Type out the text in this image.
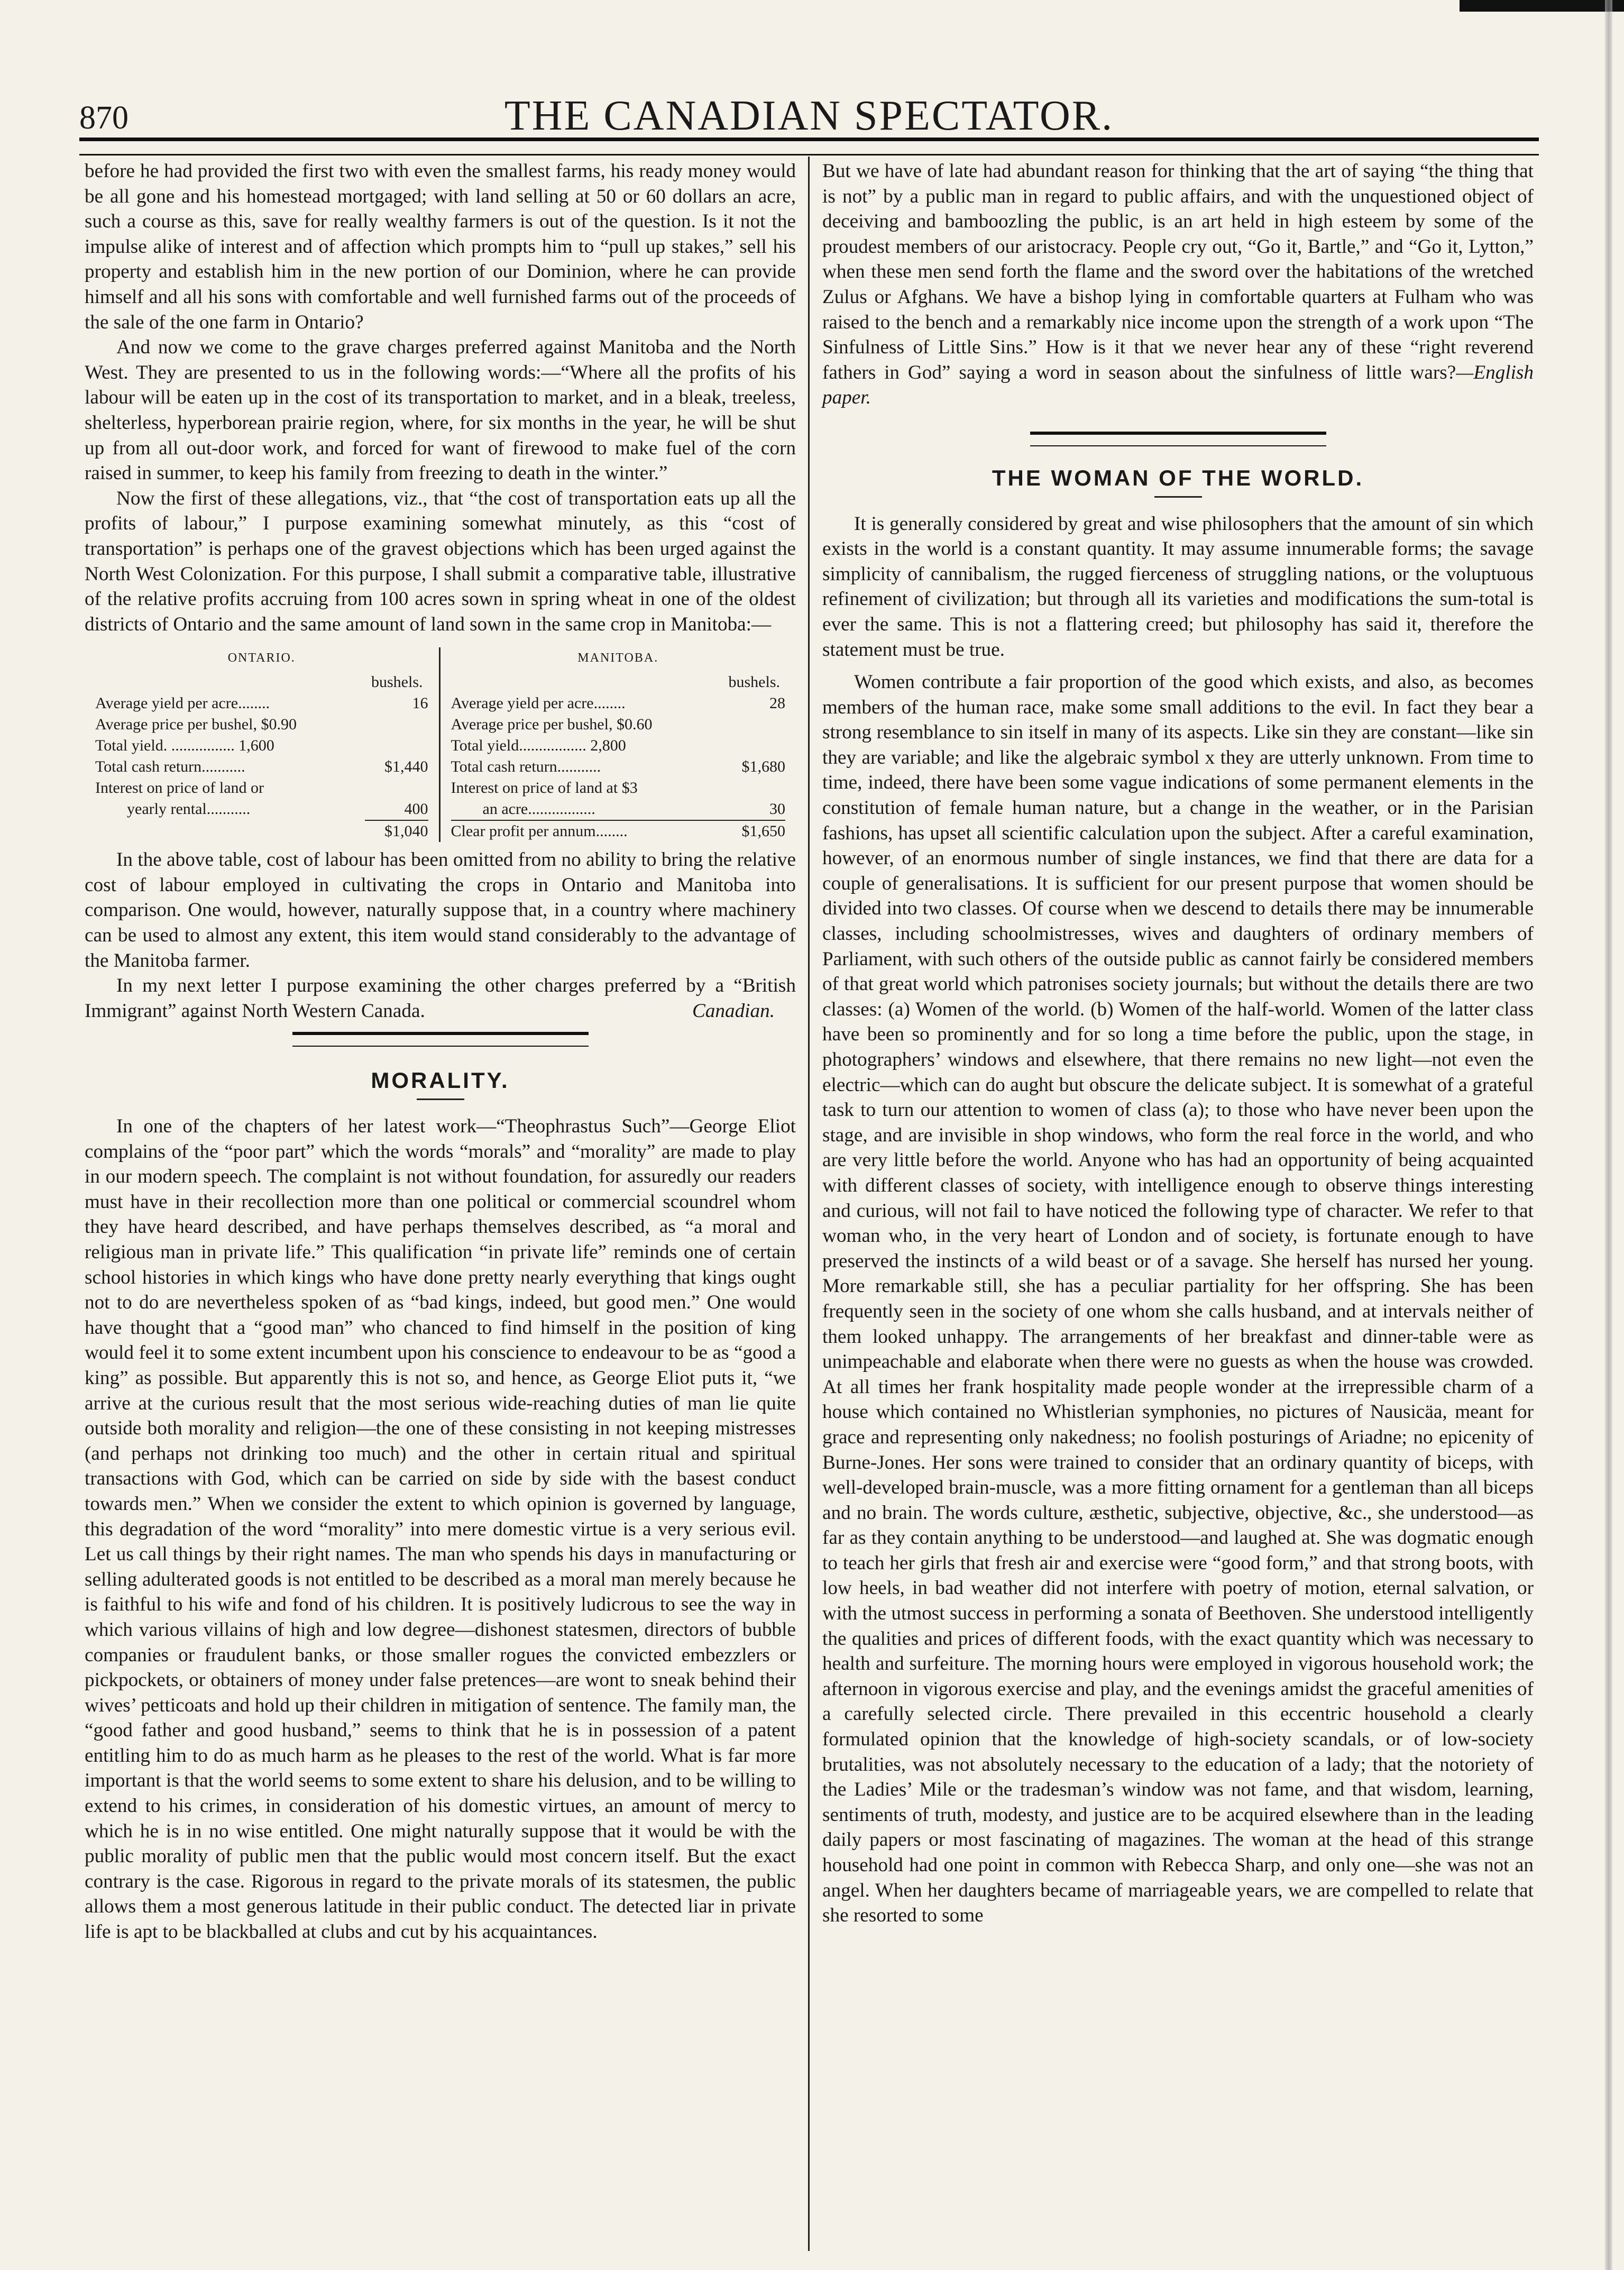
870	THE CANADIAN SPECTATOR.

before he had provided the first two with even the smallest farms, his ready money would be all gone and his homestead mortgaged; with land selling at 50 or 60 dollars an acre, such a course as this, save for really wealthy farmers is out of the question. Is it not the impulse alike of interest and of affection which prompts him to “pull up stakes,” sell his property and establish him in the new portion of our Dominion, where he can provide himself and all his sons with comfortable and well furnished farms out of the proceeds of the sale of the one farm in Ontario?

And now we come to the grave charges preferred against Manitoba and the North West. They are presented to us in the following words:—“Where all the profits of his labour will be eaten up in the cost of its transportation to market, and in a bleak, treeless, shelterless, hyperborean prairie region, where, for six months in the year, he will be shut up from all out-door work, and forced for want of firewood to make fuel of the corn raised in summer, to keep his family from freezing to death in the winter.”

Now the first of these allegations, viz., that “the cost of transportation eats up all the profits of labour,” I purpose examining somewhat minutely, as this “cost of transportation” is perhaps one of the gravest objections which has been urged against the North West Colonization. For this purpose, I shall submit a comparative table, illustrative of the relative profits accruing from 100 acres sown in spring wheat in one of the oldest districts of Ontario and the same amount of land sown in the same crop in Manitoba:—

ONTARIO.
bushels.
Average yield per acre........	16
Average price per bushel, $0.90
Total yield. ................ 1,600
Total cash return...........	$1,440
Interest on price of land or
yearly rental...........	400
$1,040
MANITOBA.
bushels.
Average yield per acre........	28
Average price per bushel, $0.60
Total yield................. 2,800
Total cash return...........	$1,680
Interest on price of land at $3
an acre.................	30
Clear profit per annum........	$1,650

In the above table, cost of labour has been omitted from no ability to bring the relative cost of labour employed in cultivating the crops in Ontario and Manitoba into comparison. One would, however, naturally suppose that, in a country where machinery can be used to almost any extent, this item would stand considerably to the advantage of the Manitoba farmer.

In my next letter I purpose examining the other charges preferred by a “British Immigrant” against North Western Canada.	Canadian.

MORALITY.

In one of the chapters of her latest work—“Theophrastus Such”—George Eliot complains of the “poor part” which the words “morals” and “morality” are made to play in our modern speech. The complaint is not without foundation, for assuredly our readers must have in their recollection more than one political or commercial scoundrel whom they have heard described, and have perhaps themselves described, as “a moral and religious man in private life.” This qualification “in private life” reminds one of certain school histories in which kings who have done pretty nearly everything that kings ought not to do are nevertheless spoken of as “bad kings, indeed, but good men.” One would have thought that a “good man” who chanced to find himself in the position of king would feel it to some extent incumbent upon his conscience to endeavour to be as “good a king” as possible. But apparently this is not so, and hence, as George Eliot puts it, “we arrive at the curious result that the most serious wide-reaching duties of man lie quite outside both morality and religion—the one of these consisting in not keeping mistresses (and perhaps not drinking too much) and the other in certain ritual and spiritual transactions with God, which can be carried on side by side with the basest conduct towards men.” When we consider the extent to which opinion is governed by language, this degradation of the word “morality” into mere domestic virtue is a very serious evil. Let us call things by their right names. The man who spends his days in manufacturing or selling adulterated goods is not entitled to be described as a moral man merely because he is faithful to his wife and fond of his children. It is positively ludicrous to see the way in which various villains of high and low degree—dishonest statesmen, directors of bubble companies or fraudulent banks, or those smaller rogues the convicted embezzlers or pickpockets, or obtainers of money under false pretences—are wont to sneak behind their wives’ petticoats and hold up their children in mitigation of sentence. The family man, the “good father and good husband,” seems to think that he is in possession of a patent entitling him to do as much harm as he pleases to the rest of the world. What is far more important is that the world seems to some extent to share his delusion, and to be willing to extend to his crimes, in consideration of his domestic virtues, an amount of mercy to which he is in no wise entitled. One might naturally suppose that it would be with the public morality of public men that the public would most concern itself. But the exact contrary is the case. Rigorous in regard to the private morals of its statesmen, the public allows them a most generous latitude in their public conduct. The detected liar in private life is apt to be blackballed at clubs and cut by his acquaintances.

But we have of late had abundant reason for thinking that the art of saying “the thing that is not” by a public man in regard to public affairs, and with the unquestioned object of deceiving and bamboozling the public, is an art held in high esteem by some of the proudest members of our aristocracy. People cry out, “Go it, Bartle,” and “Go it, Lytton,” when these men send forth the flame and the sword over the habitations of the wretched Zulus or Afghans. We have a bishop lying in comfortable quarters at Fulham who was raised to the bench and a remarkably nice income upon the strength of a work upon “The Sinfulness of Little Sins.” How is it that we never hear any of these “right reverend fathers in God” saying a word in season about the sinfulness of little wars?—English paper.

THE WOMAN OF THE WORLD.

It is generally considered by great and wise philosophers that the amount of sin which exists in the world is a constant quantity. It may assume innumerable forms; the savage simplicity of cannibalism, the rugged fierceness of struggling nations, or the voluptuous refinement of civilization; but through all its varieties and modifications the sum-total is ever the same. This is not a flattering creed; but philosophy has said it, therefore the statement must be true.

Women contribute a fair proportion of the good which exists, and also, as becomes members of the human race, make some small additions to the evil. In fact they bear a strong resemblance to sin itself in many of its aspects. Like sin they are constant—like sin they are variable; and like the algebraic symbol x they are utterly unknown. From time to time, indeed, there have been some vague indications of some permanent elements in the constitution of female human nature, but a change in the weather, or in the Parisian fashions, has upset all scientific calculation upon the subject. After a careful examination, however, of an enormous number of single instances, we find that there are data for a couple of generalisations. It is sufficient for our present purpose that women should be divided into two classes. Of course when we descend to details there may be innumerable classes, including schoolmistresses, wives and daughters of ordinary members of Parliament, with such others of the outside public as cannot fairly be considered members of that great world which patronises society journals; but without the details there are two classes: (a) Women of the world. (b) Women of the half-world. Women of the latter class have been so prominently and for so long a time before the public, upon the stage, in photographers’ windows and elsewhere, that there remains no new light—not even the electric—which can do aught but obscure the delicate subject. It is somewhat of a grateful task to turn our attention to women of class (a); to those who have never been upon the stage, and are invisible in shop windows, who form the real force in the world, and who are very little before the world. Anyone who has had an opportunity of being acquainted with different classes of society, with intelligence enough to observe things interesting and curious, will not fail to have noticed the following type of character. We refer to that woman who, in the very heart of London and of society, is fortunate enough to have preserved the instincts of a wild beast or of a savage. She herself has nursed her young. More remarkable still, she has a peculiar partiality for her offspring. She has been frequently seen in the society of one whom she calls husband, and at intervals neither of them looked unhappy. The arrangements of her breakfast and dinner-table were as unimpeachable and elaborate when there were no guests as when the house was crowded. At all times her frank hospitality made people wonder at the irrepressible charm of a house which contained no Whistlerian symphonies, no pictures of Nausicäa, meant for grace and representing only nakedness; no foolish posturings of Ariadne; no epicenity of Burne-Jones. Her sons were trained to consider that an ordinary quantity of biceps, with well-developed brain-muscle, was a more fitting ornament for a gentleman than all biceps and no brain. The words culture, æsthetic, subjective, objective, &c., she understood—as far as they contain anything to be understood—and laughed at. She was dogmatic enough to teach her girls that fresh air and exercise were “good form,” and that strong boots, with low heels, in bad weather did not interfere with poetry of motion, eternal salvation, or with the utmost success in performing a sonata of Beethoven. She understood intelligently the qualities and prices of different foods, with the exact quantity which was necessary to health and surfeiture. The morning hours were employed in vigorous household work; the afternoon in vigorous exercise and play, and the evenings amidst the graceful amenities of a carefully selected circle. There prevailed in this eccentric household a clearly formulated opinion that the knowledge of high-society scandals, or of low-society brutalities, was not absolutely necessary to the education of a lady; that the notoriety of the Ladies’ Mile or the tradesman’s window was not fame, and that wisdom, learning, sentiments of truth, modesty, and justice are to be acquired elsewhere than in the leading daily papers or most fascinating of magazines. The woman at the head of this strange household had one point in common with Rebecca Sharp, and only one—she was not an angel. When her daughters became of marriageable years, we are compelled to relate that she resorted to some
